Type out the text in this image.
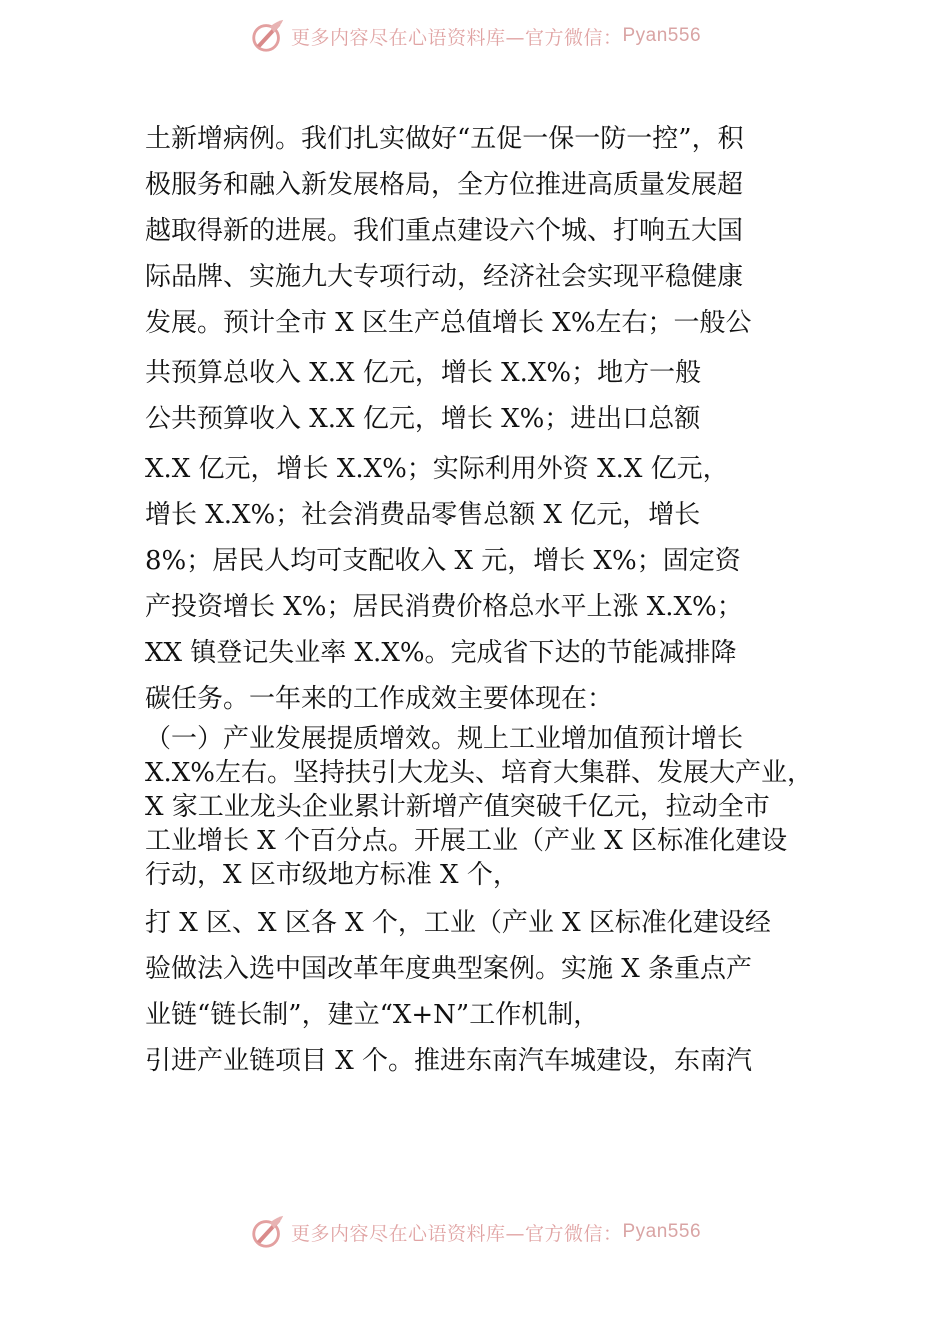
更多内容尽在心语资料库—官方微信： Pyan556
土新增病例。我们扎实做好“五促一保一防一控”，积
极服务和融入新发展格局，全方位推进高质量发展超
越取得新的进展。我们重点建设六个城、打响五大国
际品牌、实施九大专项行动，经济社会实现平稳健康
发展。预计全市 X 区生产总值增长 X%左右；一般公
共预算总收入 X.X 亿元，增长 X.X%；地方一般
公共预算收入 X.X 亿元，增长 X%；进出口总额
X.X 亿元，增长 X.X%；实际利用外资 X.X 亿元，
增长 X.X%；社会消费品零售总额 X 亿元，增长
8%；居民人均可支配收入 X 元，增长 X%；固定资
产投资增长 X%；居民消费价格总水平上涨 X.X%；
XX 镇登记失业率 X.X%。完成省下达的节能减排降
碳任务。一年来的工作成效主要体现在：
（一）产业发展提质增效。规上工业增加值预计增长
X.X%左右。坚持扶引大龙头、培育大集群、发展大产业，
X 家工业龙头企业累计新增产值突破千亿元，拉动全市
工业增长 X 个百分点。开展工业（产业 X 区标准化建设
行动，X 区市级地方标准 X 个，
打 X 区、X 区各 X 个，工业（产业 X 区标准化建设经
验做法入选中国改革年度典型案例。实施 X 条重点产
业链“链长制”，建立“X+N”工作机制，
引进产业链项目 X 个。推进东南汽车城建设，东南汽
更多内容尽在心语资料库—官方微信： Pyan556
